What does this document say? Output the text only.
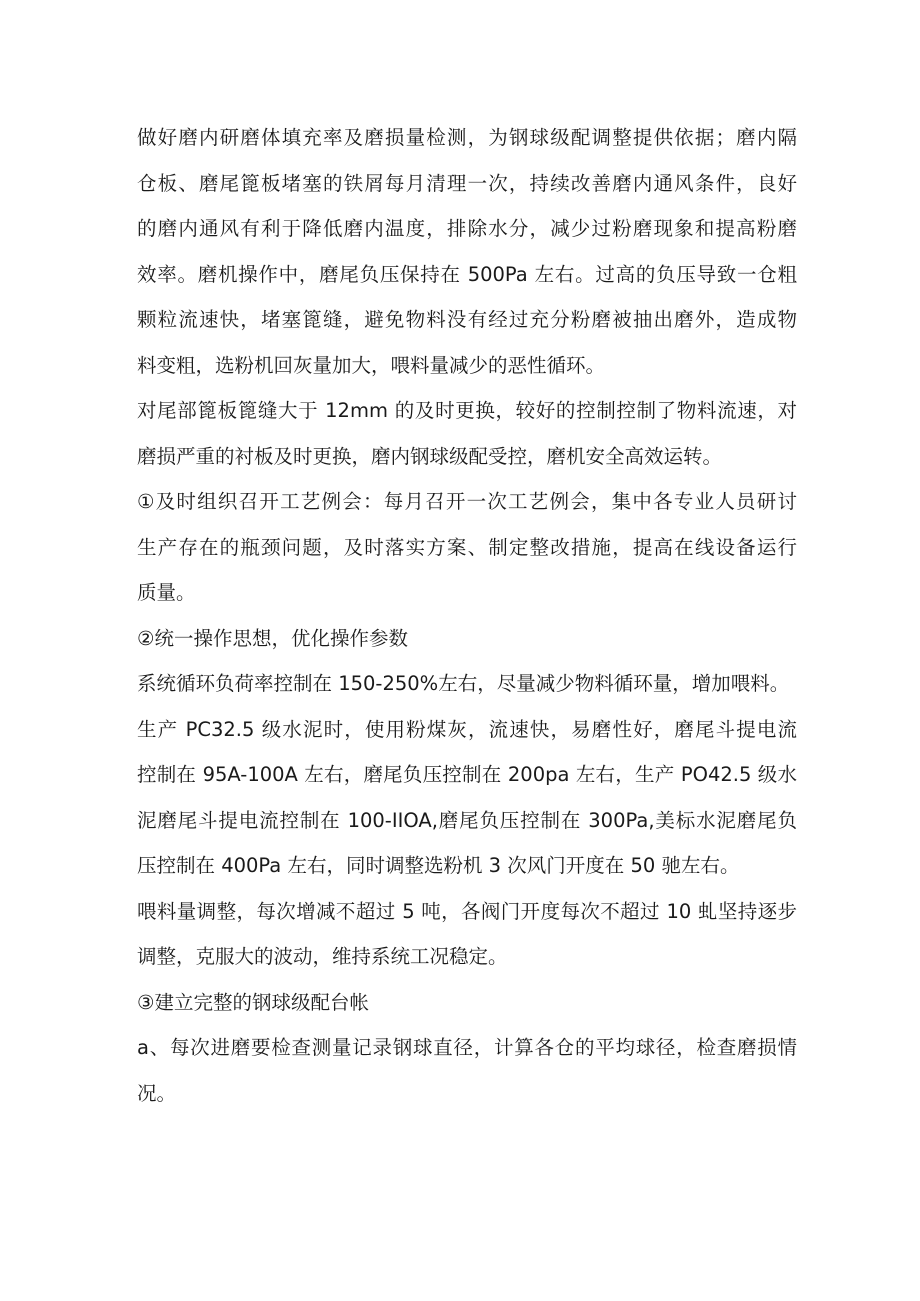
做好磨内研磨体填充率及磨损量检测，为钢球级配调整提供依据；磨内隔
仓板、磨尾篦板堵塞的铁屑每月清理一次，持续改善磨内通风条件，良好
的磨内通风有利于降低磨内温度，排除水分，减少过粉磨现象和提高粉磨
效率。磨机操作中，磨尾负压保持在 500Pa 左右。过高的负压导致一仓粗
颗粒流速快，堵塞篦缝，避免物料没有经过充分粉磨被抽出磨外，造成物
料变粗，选粉机回灰量加大，喂料量减少的恶性循环。
对尾部篦板篦缝大于 12mm 的及时更换，较好的控制控制了物料流速，对
磨损严重的衬板及时更换，磨内钢球级配受控，磨机安全高效运转。
①及时组织召开工艺例会：每月召开一次工艺例会，集中各专业人员研讨
生产存在的瓶颈问题，及时落实方案、制定整改措施，提高在线设备运行
质量。
②统一操作思想，优化操作参数
系统循环负荷率控制在 150-250%左右，尽量减少物料循环量，增加喂料。
生产 PC32.5 级水泥时，使用粉煤灰，流速快，易磨性好，磨尾斗提电流
控制在 95A-100A 左右，磨尾负压控制在 200pa 左右，生产 PO42.5 级水
泥磨尾斗提电流控制在 100-IIOA,磨尾负压控制在 300Pa,美标水泥磨尾负
压控制在 400Pa 左右，同时调整选粉机 3 次风门开度在 50 驰左右。
喂料量调整，每次增减不超过 5 吨，各阀门开度每次不超过 10 虬坚持逐步
调整，克服大的波动，维持系统工况稳定。
③建立完整的钢球级配台帐
a、每次进磨要检查测量记录钢球直径，计算各仓的平均球径，检查磨损情
况。
